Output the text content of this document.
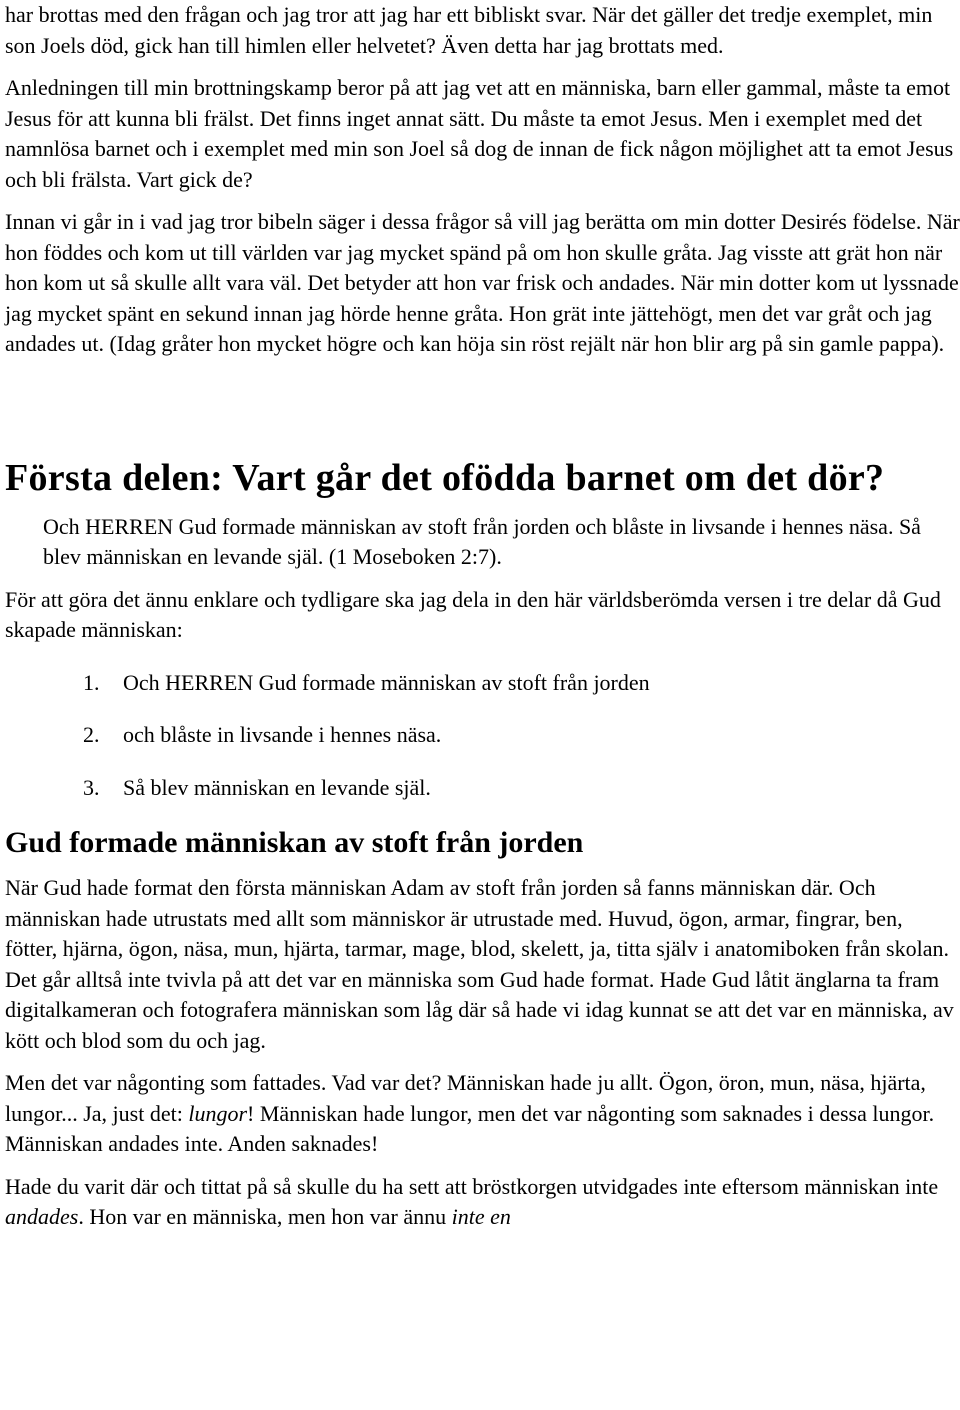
har brottas med den frågan och jag tror att jag har ett bibliskt svar. När det gäller det tredje exemplet, min son Joels död, gick han till himlen eller helvetet? Även detta har jag brottats med.

Anledningen till min brottningskamp beror på att jag vet att en människa, barn eller gammal, måste ta emot Jesus för att kunna bli frälst. Det finns inget annat sätt. Du måste ta emot Jesus. Men i exemplet med det namnlösa barnet och i exemplet med min son Joel så dog de innan de fick någon möjlighet att ta emot Jesus och bli frälsta. Vart gick de?

Innan vi går in i vad jag tror bibeln säger i dessa frågor så vill jag berätta om min dotter Desirés födelse. När hon föddes och kom ut till världen var jag mycket spänd på om hon skulle gråta. Jag visste att grät hon när hon kom ut så skulle allt vara väl. Det betyder att hon var frisk och andades. När min dotter kom ut lyssnade jag mycket spänt en sekund innan jag hörde henne gråta. Hon grät inte jättehögt, men det var gråt och jag andades ut. (Idag gråter hon mycket högre och kan höja sin röst rejält när hon blir arg på sin gamle pappa).

Första delen: Vart går det ofödda barnet om det dör?

Och HERREN Gud formade människan av stoft från jorden och blåste in livsande i hennes näsa. Så blev människan en levande själ. (1 Moseboken 2:7).

För att göra det ännu enklare och tydligare ska jag dela in den här världsberömda versen i tre delar då Gud skapade människan:

1.	Och HERREN Gud formade människan av stoft från jorden
2.	och blåste in livsande i hennes näsa.
3.	Så blev människan en levande själ.
Gud formade människan av stoft från jorden

När Gud hade format den första människan Adam av stoft från jorden så fanns människan där. Och människan hade utrustats med allt som människor är utrustade med. Huvud, ögon, armar, fingrar, ben, fötter, hjärna, ögon, näsa, mun, hjärta, tarmar, mage, blod, skelett, ja, titta själv i anatomiboken från skolan. Det går alltså inte tvivla på att det var en människa som Gud hade format. Hade Gud låtit änglarna ta fram digitalkameran och fotografera människan som låg där så hade vi idag kunnat se att det var en människa, av kött och blod som du och jag.

Men det var någonting som fattades. Vad var det? Människan hade ju allt. Ögon, öron, mun, näsa, hjärta, lungor... Ja, just det: lungor! Människan hade lungor, men det var någonting som saknades i dessa lungor. Människan andades inte. Anden saknades!

Hade du varit där och tittat på så skulle du ha sett att bröstkorgen utvidgades inte eftersom människan inte andades. Hon var en människa, men hon var ännu inte en
